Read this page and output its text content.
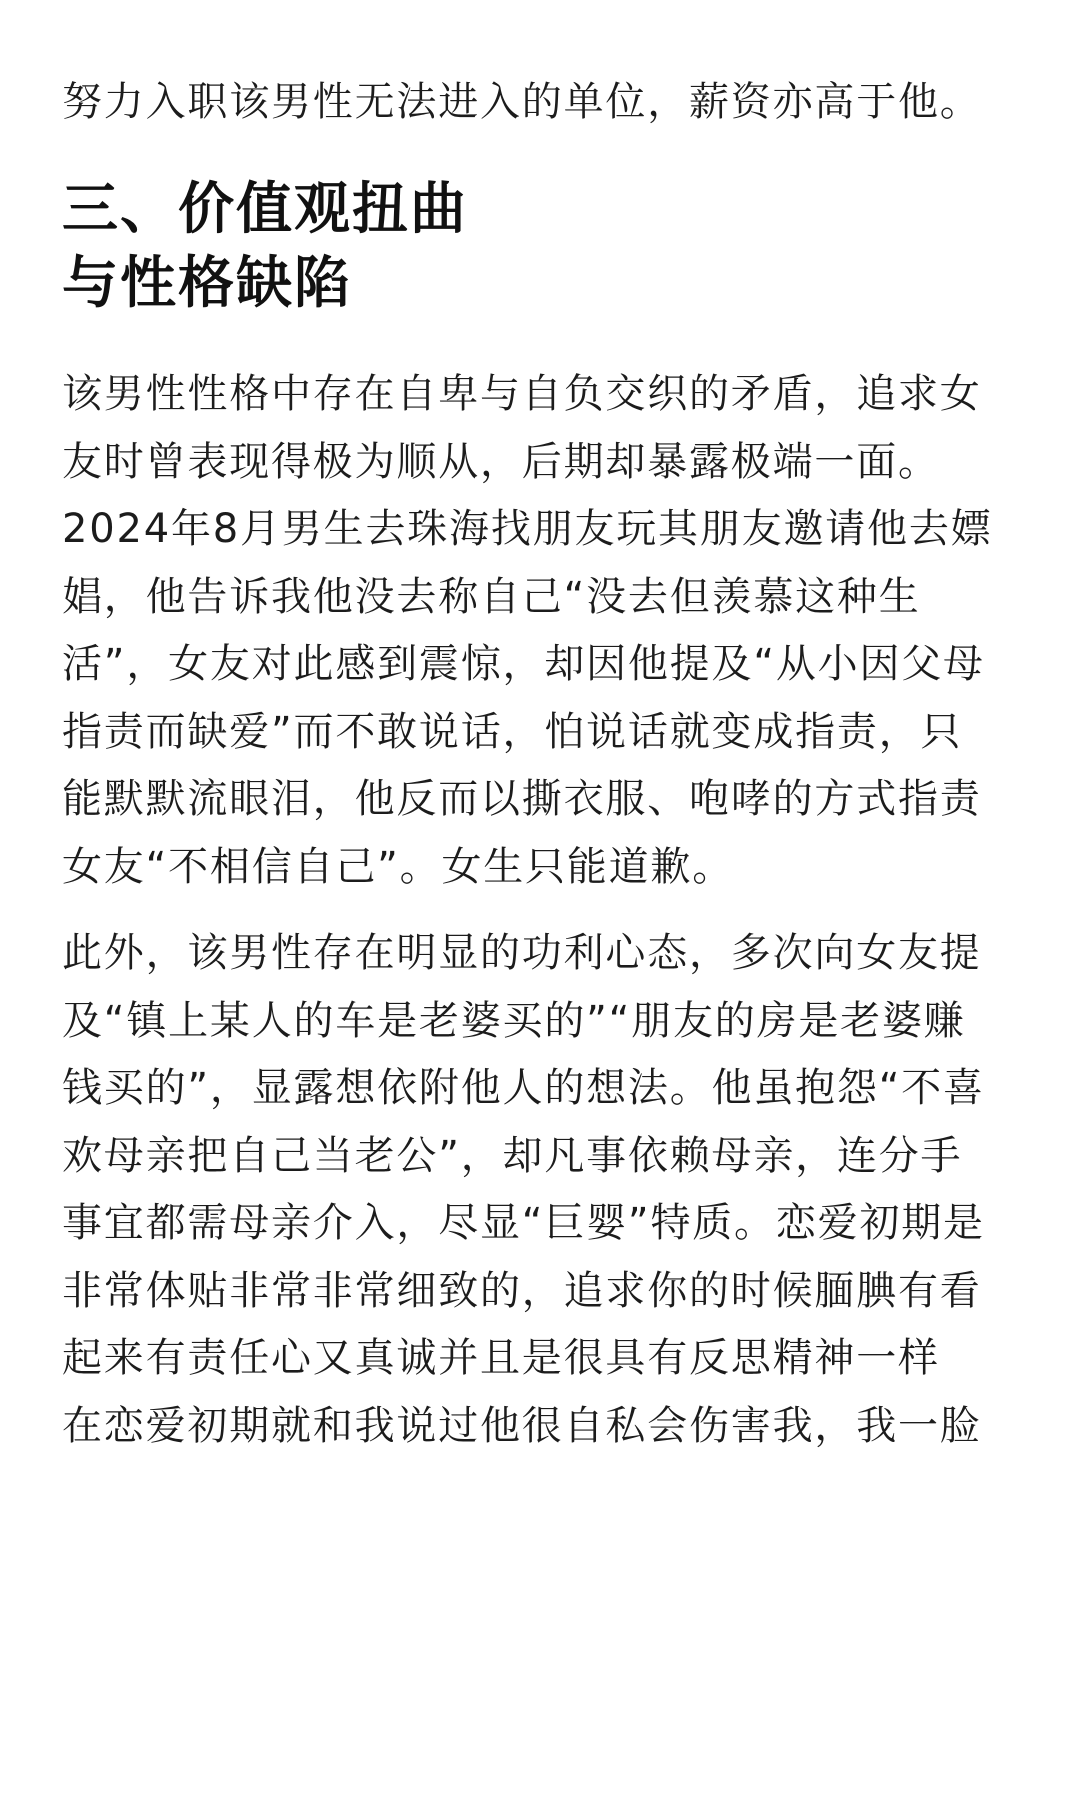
努力入职该男性无法进入的单位，薪资亦高于他。
三、价值观扭曲
与性格缺陷
该男性性格中存在自卑与自负交织的矛盾，追求女
友时曾表现得极为顺从，后期却暴露极端一面。
2024年8月男生去珠海找朋友玩其朋友邀请他去嫖
娼，他告诉我他没去称自己“没去但羡慕这种生
活”，女友对此感到震惊，却因他提及“从小因父母
指责而缺爱”而不敢说话，怕说话就变成指责，只
能默默流眼泪，他反而以撕衣服、咆哮的方式指责
女友“不相信自己”。女生只能道歉。
此外，该男性存在明显的功利心态，多次向女友提
及“镇上某人的车是老婆买的”“朋友的房是老婆赚
钱买的”，显露想依附他人的想法。他虽抱怨“不喜
欢母亲把自己当老公”，却凡事依赖母亲，连分手
事宜都需母亲介入，尽显“巨婴”特质。恋爱初期是
非常体贴非常非常细致的，追求你的时候腼腆有看
起来有责任心又真诚并且是很具有反思精神一样
在恋爱初期就和我说过他很自私会伤害我，我一脸
